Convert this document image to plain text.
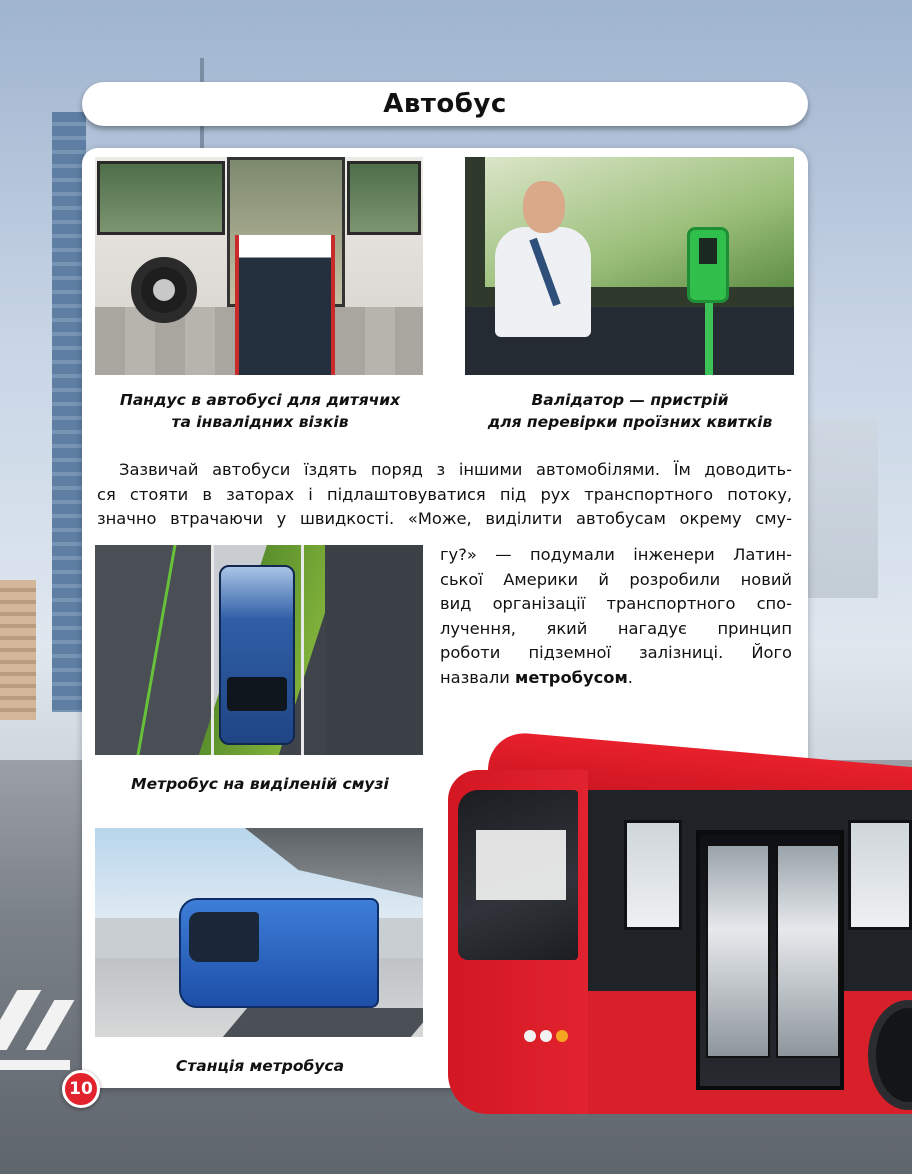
Автобус
Пандус в автобусі для дитячих
та інвалідних візків
Валідатор — пристрій
для перевірки проїзних квитків
Зазвичай автобуси їздять поряд з іншими автомобілями. Їм доводить-
ся стояти в заторах і підлаштовуватися під рух транспортного потоку,
значно втрачаючи у швидкості. «Може, виділити автобусам окрему сму-
гу?» — подумали інженери Латин-
ської Америки й розробили новий
вид організації транспортного спо-
лучення, який нагадує принцип
роботи підземної залізниці. Його
назвали метробусом.
Метробус на виділеній смузі
Станція метробуса
10
